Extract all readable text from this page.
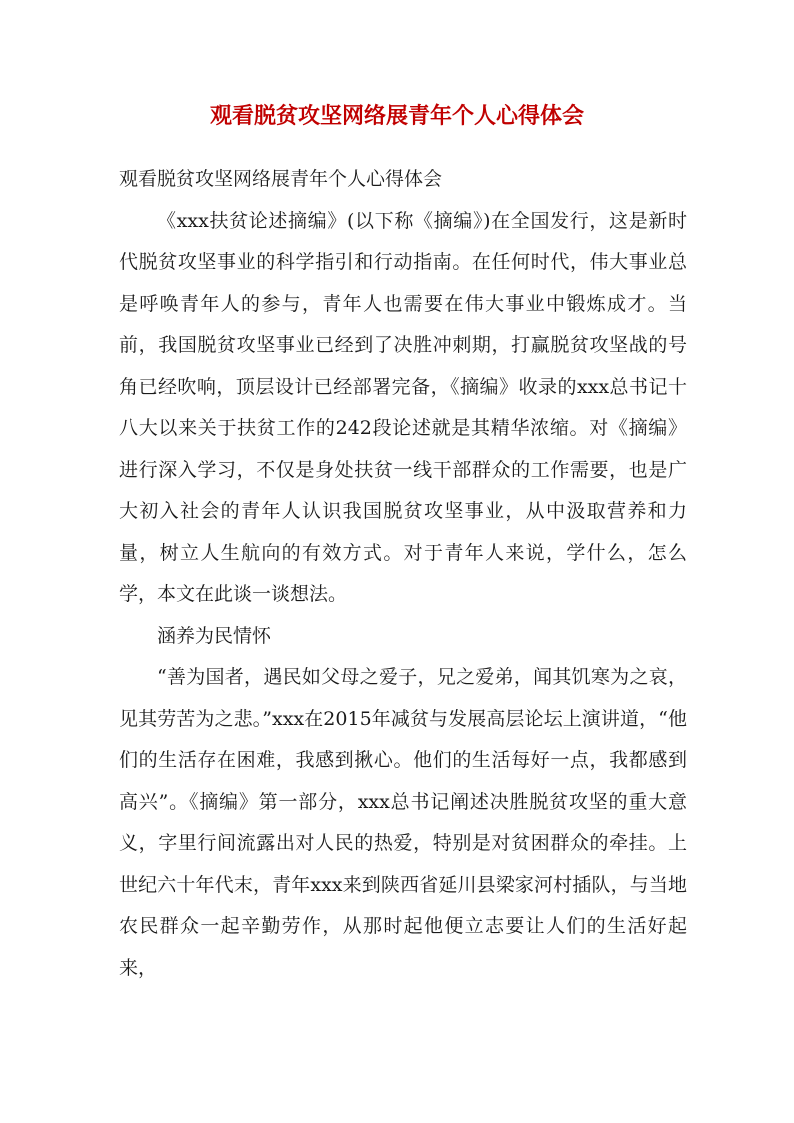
观看脱贫攻坚网络展青年个人心得体会

观看脱贫攻坚网络展青年个人心得体会

《xxx扶贫论述摘编》(以下称《摘编》)在全国发行，这是新时代脱贫攻坚事业的科学指引和行动指南。在任何时代，伟大事业总是呼唤青年人的参与，青年人也需要在伟大事业中锻炼成才。当前，我国脱贫攻坚事业已经到了决胜冲刺期，打赢脱贫攻坚战的号角已经吹响，顶层设计已经部署完备，《摘编》收录的xxx总书记十八大以来关于扶贫工作的242段论述就是其精华浓缩。对《摘编》进行深入学习，不仅是身处扶贫一线干部群众的工作需要，也是广大初入社会的青年人认识我国脱贫攻坚事业，从中汲取营养和力量，树立人生航向的有效方式。对于青年人来说，学什么，怎么学，本文在此谈一谈想法。

涵养为民情怀

“善为国者，遇民如父母之爱子，兄之爱弟，闻其饥寒为之哀，见其劳苦为之悲。”xxx在2015年减贫与发展高层论坛上演讲道，“他们的生活存在困难，我感到揪心。他们的生活每好一点，我都感到高兴”。《摘编》第一部分，xxx总书记阐述决胜脱贫攻坚的重大意义，字里行间流露出对人民的热爱，特别是对贫困群众的牵挂。上世纪六十年代末，青年xxx来到陕西省延川县梁家河村插队，与当地农民群众一起辛勤劳作，从那时起他便立志要让人们的生活好起来，
